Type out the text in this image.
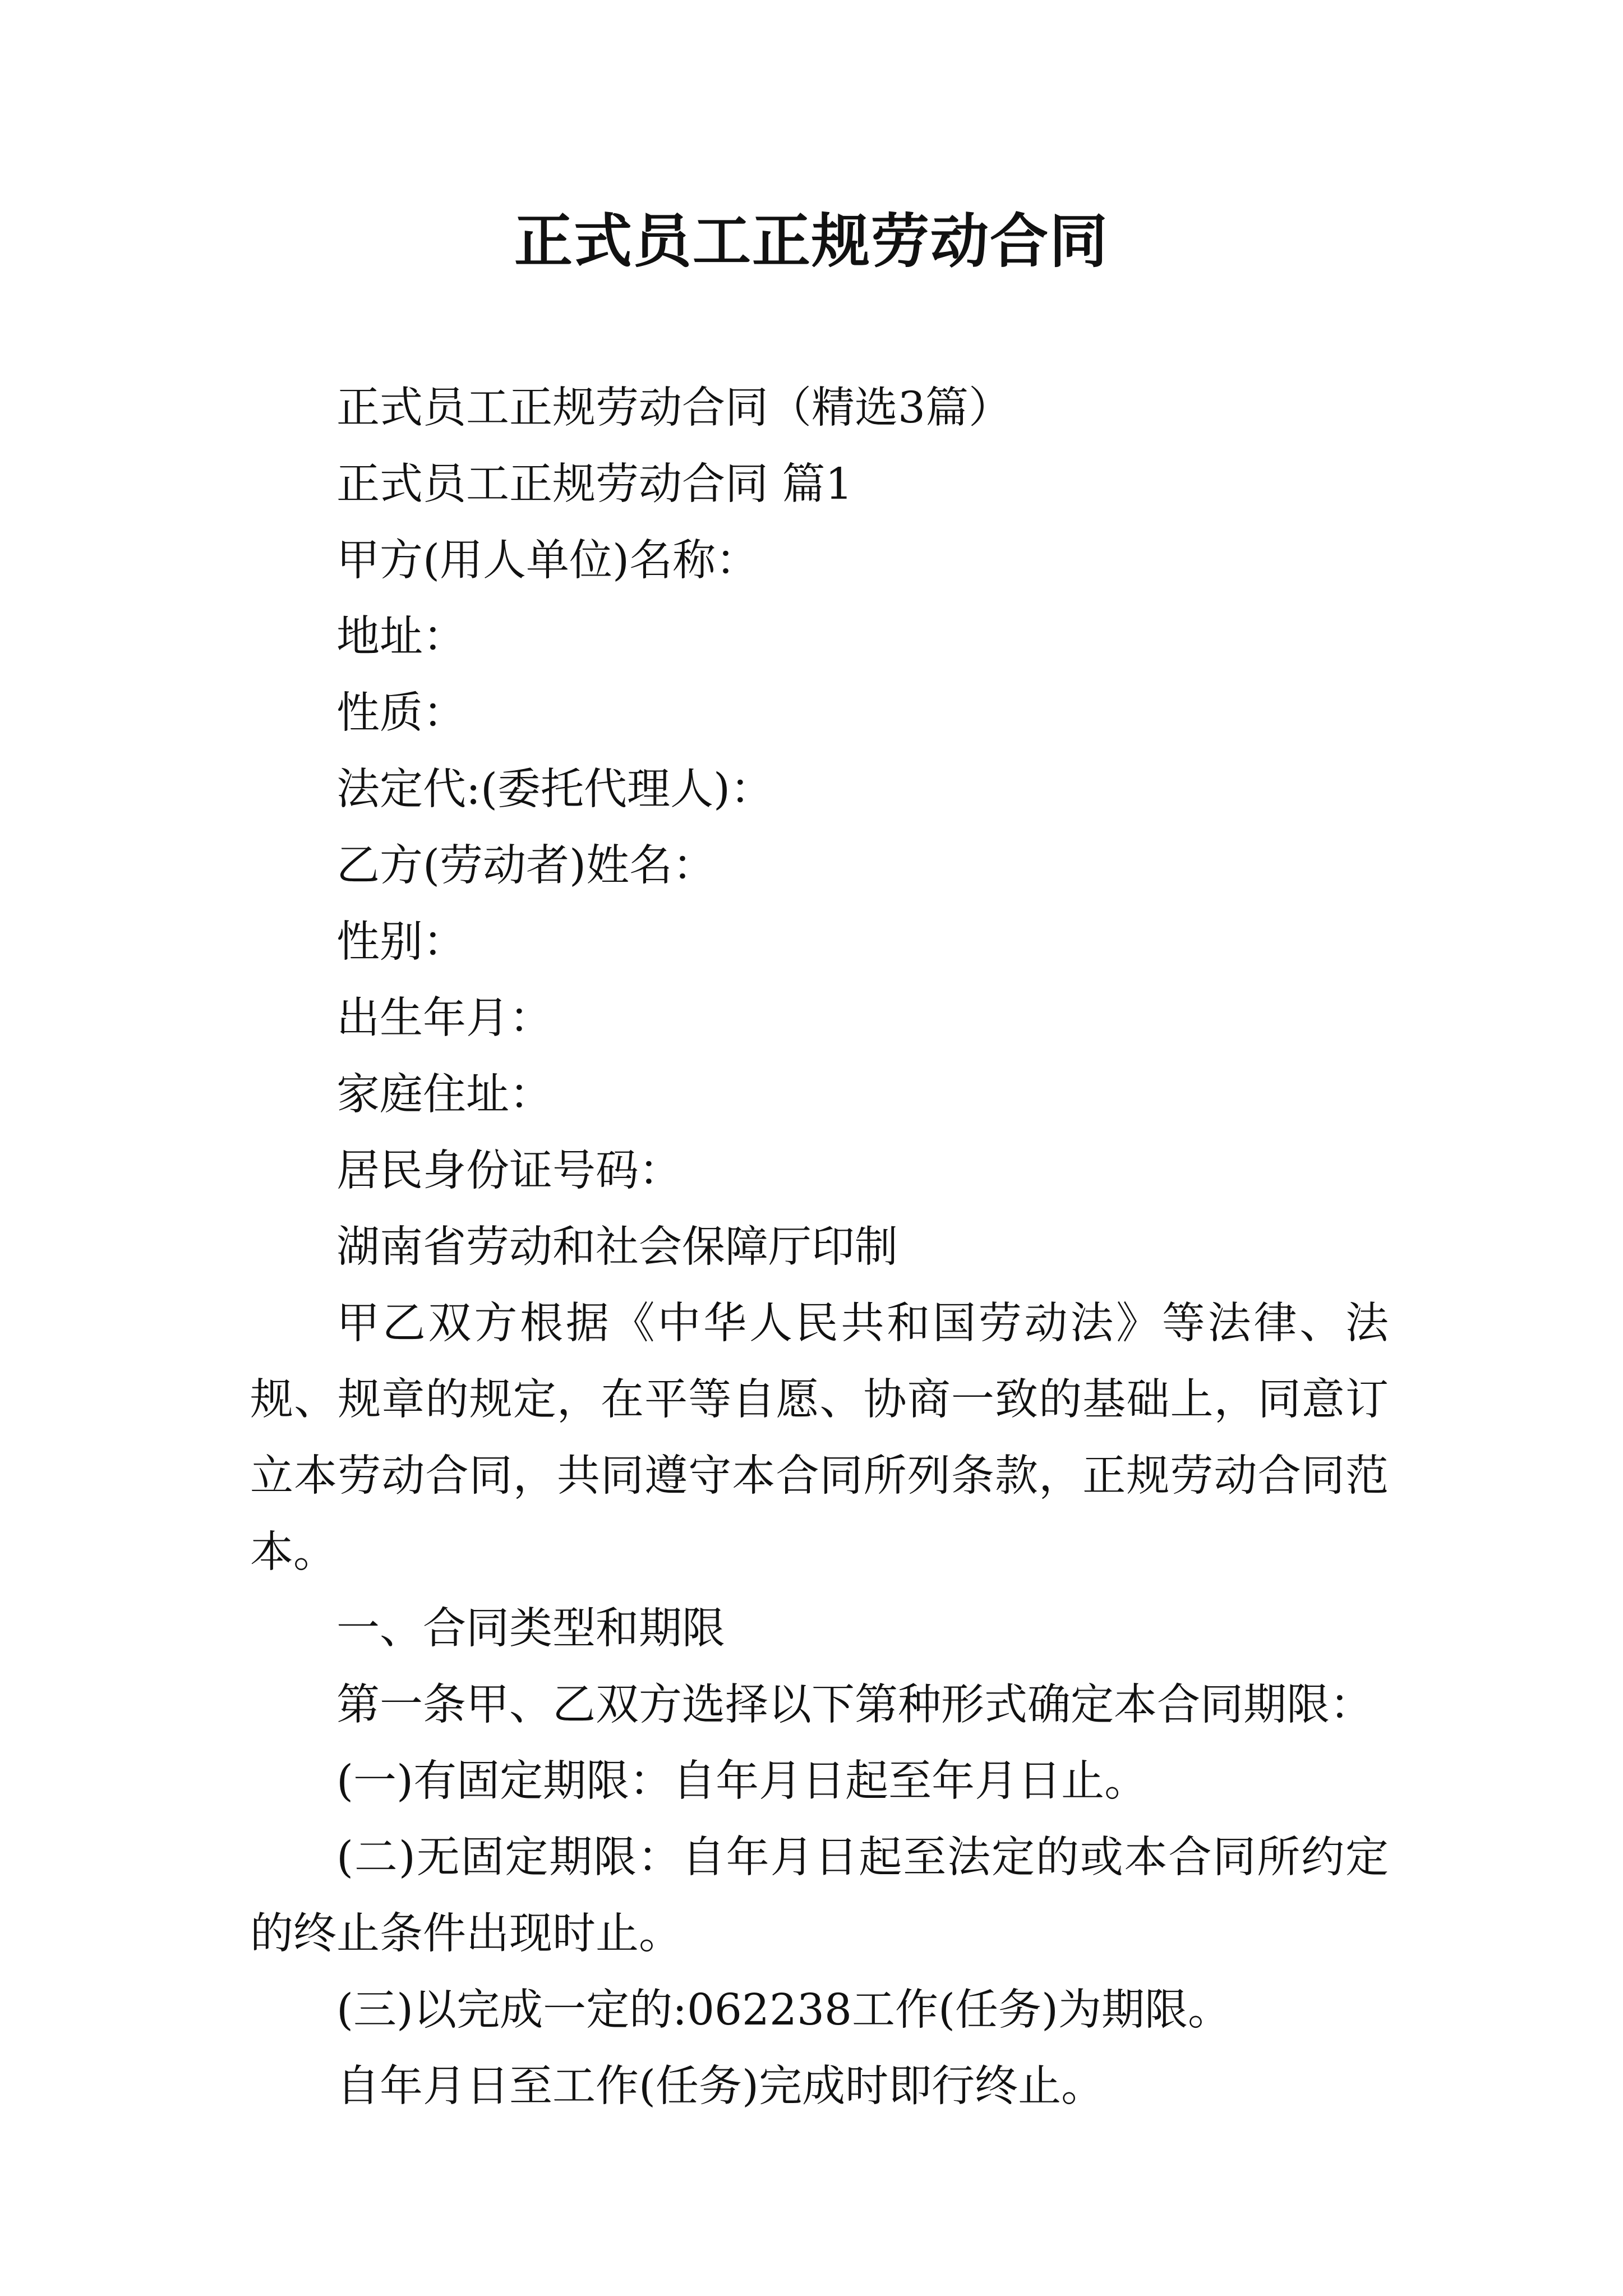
正式员工正规劳动合同

正式员工正规劳动合同（精选3篇）

正式员工正规劳动合同 篇1

甲方(用人单位)名称：

地址：

性质：

法定代:(委托代理人)：

乙方(劳动者)姓名：

性别：

出生年月：

家庭住址：

居民身份证号码：

湖南省劳动和社会保障厅印制

甲乙双方根据《中华人民共和国劳动法》等法律、法规、规章的规定，在平等自愿、协商一致的基础上，同意订立本劳动合同，共同遵守本合同所列条款，正规劳动合同范本。

一、合同类型和期限

第一条甲、乙双方选择以下第种形式确定本合同期限：

(一)有固定期限：自年月日起至年月日止。

(二)无固定期限：自年月日起至法定的或本合同所约定的终止条件出现时止。

(三)以完成一定的:062238工作(任务)为期限。

自年月日至工作(任务)完成时即行终止。
